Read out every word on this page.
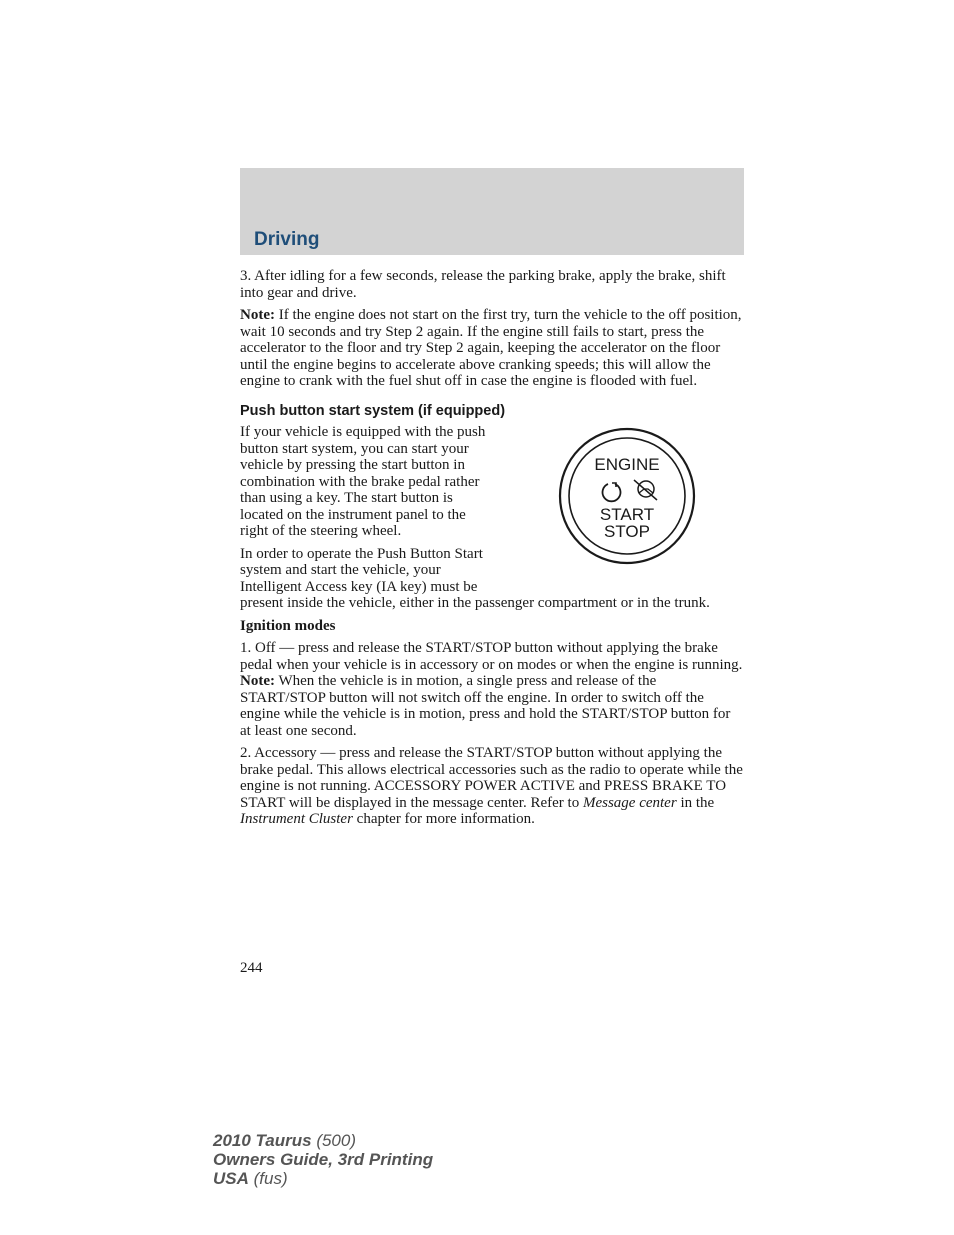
Driving

3. After idling for a few seconds, release the parking brake, apply the brake, shift into gear and drive.

Note: If the engine does not start on the first try, turn the vehicle to the off position, wait 10 seconds and try Step 2 again. If the engine still fails to start, press the accelerator to the floor and try Step 2 again, keeping the accelerator on the floor until the engine begins to accelerate above cranking speeds; this will allow the engine to crank with the fuel shut off in case the engine is flooded with fuel.

Push button start system (if equipped)
ENGINE
START
STOP

If your vehicle is equipped with the push button start system, you can start your vehicle by pressing the start button in combination with the brake pedal rather than using a key. The start button is located on the instrument panel to the right of the steering wheel.

In order to operate the Push Button Start system and start the vehicle, your Intelligent Access key (IA key) must be present inside the vehicle, either in the passenger compartment or in the trunk.

Ignition modes

1. Off — press and release the START/STOP button without applying the brake pedal when your vehicle is in accessory or on modes or when the engine is running. Note: When the vehicle is in motion, a single press and release of the START/STOP button will not switch off the engine. In order to switch off the engine while the vehicle is in motion, press and hold the START/STOP button for at least one second.

2. Accessory — press and release the START/STOP button without applying the brake pedal. This allows electrical accessories such as the radio to operate while the engine is not running. ACCESSORY POWER ACTIVE and PRESS BRAKE TO START will be displayed in the message center. Refer to Message center in the Instrument Cluster chapter for more information.

244
2010 Taurus (500)
Owners Guide, 3rd Printing
USA (fus)
